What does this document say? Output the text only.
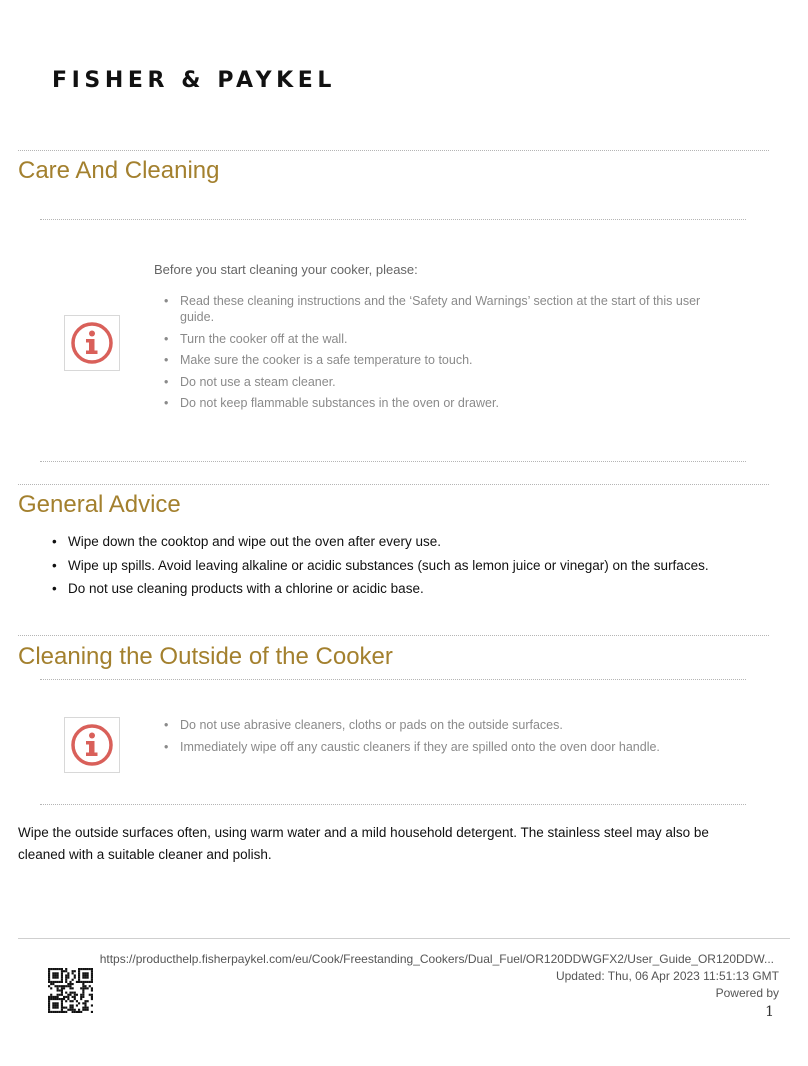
FISHER & PAYKEL
Care And Cleaning
Before you start cleaning your cooker, please:
• Read these cleaning instructions and the ‘Safety and Warnings’ section at the start of this user guide.
• Turn the cooker off at the wall.
• Make sure the cooker is a safe temperature to touch.
• Do not use a steam cleaner.
• Do not keep flammable substances in the oven or drawer.
General Advice
• Wipe down the cooktop and wipe out the oven after every use.
• Wipe up spills. Avoid leaving alkaline or acidic substances (such as lemon juice or vinegar) on the surfaces.
• Do not use cleaning products with a chlorine or acidic base.
Cleaning the Outside of the Cooker
• Do not use abrasive cleaners, cloths or pads on the outside surfaces.
• Immediately wipe off any caustic cleaners if they are spilled onto the oven door handle.

Wipe the outside surfaces often, using warm water and a mild household detergent. The stainless steel may also be cleaned with a suitable cleaner and polish.

https://producthelp.fisherpaykel.com/eu/Cook/Freestanding_Cookers/Dual_Fuel/OR120DDWGFX2/User_Guide_OR120DDW...
Updated: Thu, 06 Apr 2023 11:51:13 GMT
Powered by
1
